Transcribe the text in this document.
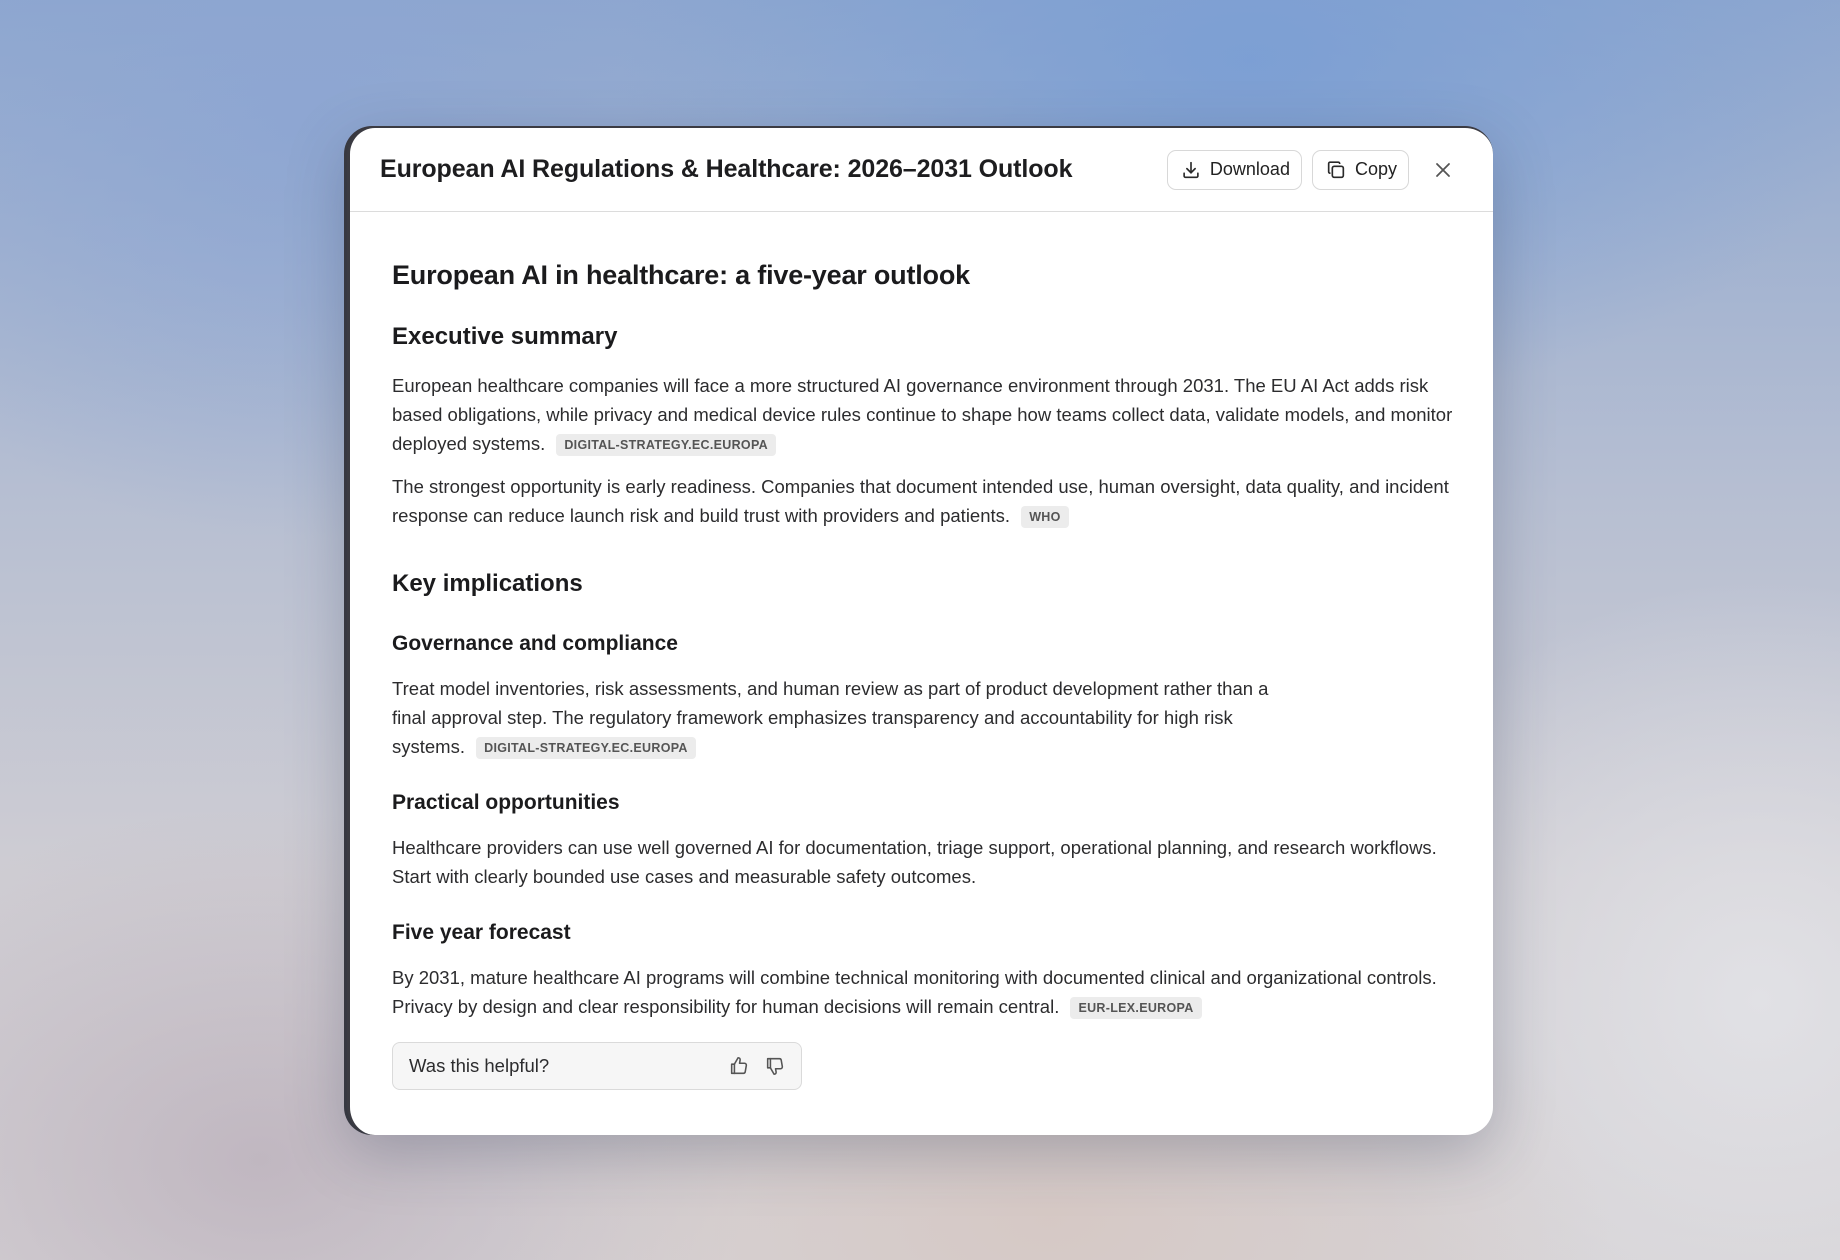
European AI Regulations & Healthcare: 2026–2031 Outlook	Download	Copy
European AI in healthcare: a five-year outlook
Executive summary

European healthcare companies will face a more structured AI governance environment through 2031. The EU AI Act adds risk based obligations, while privacy and medical device rules continue to shape how teams collect data, validate models, and monitor deployed systems. DIGITAL-STRATEGY.EC.EUROPA

The strongest opportunity is early readiness. Companies that document intended use, human oversight, data quality, and incident response can reduce launch risk and build trust with providers and patients. WHO

Key implications
Governance and compliance

Treat model inventories, risk assessments, and human review as part of product development rather than a final approval step. The regulatory framework emphasizes transparency and accountability for high risk systems. DIGITAL-STRATEGY.EC.EUROPA

Practical opportunities

Healthcare providers can use well governed AI for documentation, triage support, operational planning, and research workflows. Start with clearly bounded use cases and measurable safety outcomes.

Five year forecast

By 2031, mature healthcare AI programs will combine technical monitoring with documented clinical and organizational controls. Privacy by design and clear responsibility for human decisions will remain central. EUR-LEX.EUROPA

Was this helpful?
